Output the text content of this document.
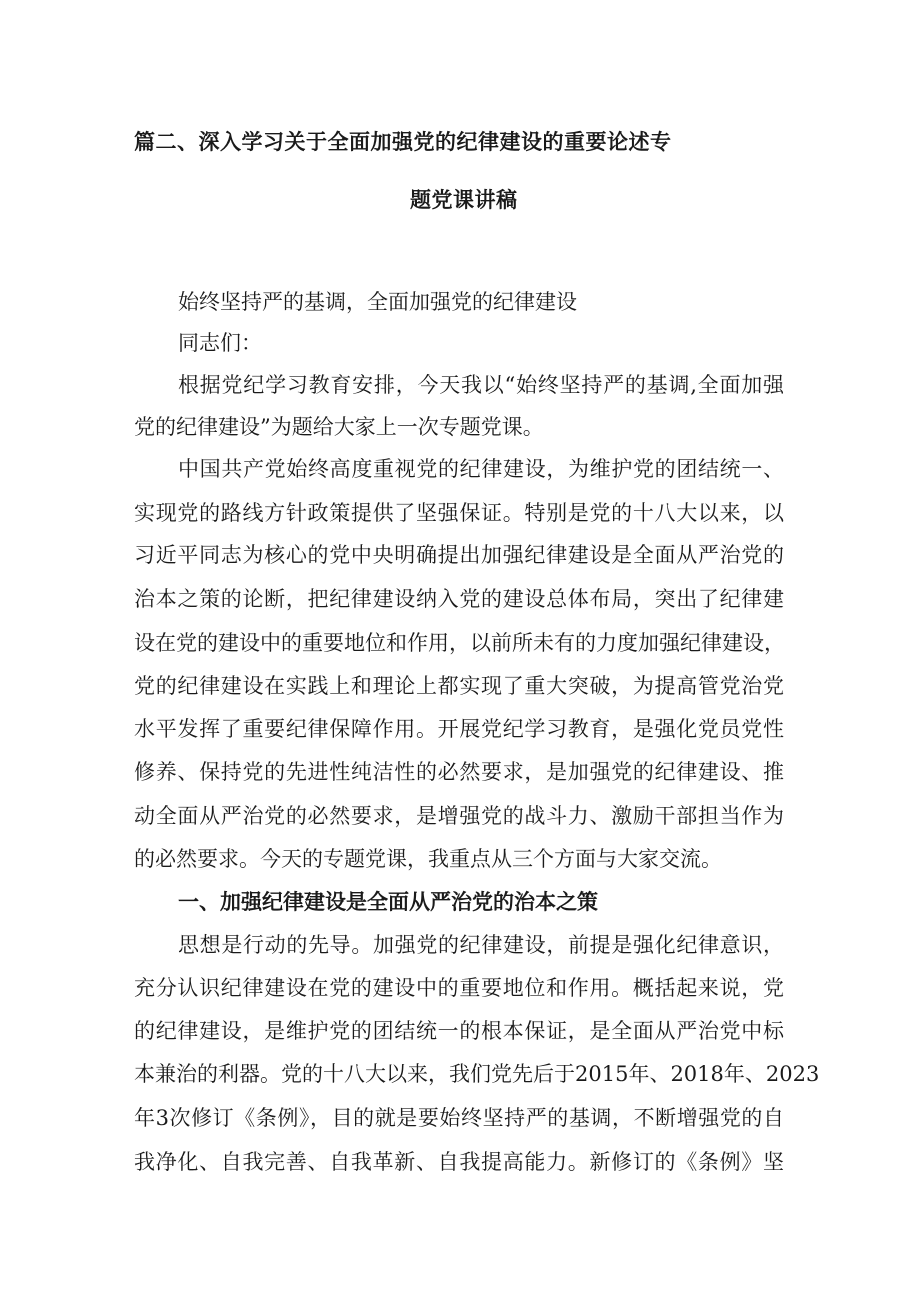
篇二、深入学习关于全面加强党的纪律建设的重要论述专
题党课讲稿
始终坚持严的基调，全面加强党的纪律建设
同志们：
根据党纪学习教育安排，今天我以“始终坚持严的基调,全面加强
党的纪律建设”为题给大家上一次专题党课。
中国共产党始终高度重视党的纪律建设，为维护党的团结统一、
实现党的路线方针政策提供了坚强保证。特别是党的十八大以来，以
习近平同志为核心的党中央明确提出加强纪律建设是全面从严治党的
治本之策的论断，把纪律建设纳入党的建设总体布局，突出了纪律建
设在党的建设中的重要地位和作用，以前所未有的力度加强纪律建设，
党的纪律建设在实践上和理论上都实现了重大突破，为提高管党治党
水平发挥了重要纪律保障作用。开展党纪学习教育，是强化党员党性
修养、保持党的先进性纯洁性的必然要求，是加强党的纪律建设、推
动全面从严治党的必然要求，是增强党的战斗力、激励干部担当作为
的必然要求。今天的专题党课，我重点从三个方面与大家交流。
一、加强纪律建设是全面从严治党的治本之策
思想是行动的先导。加强党的纪律建设，前提是强化纪律意识，
充分认识纪律建设在党的建设中的重要地位和作用。概括起来说，党
的纪律建设，是维护党的团结统一的根本保证，是全面从严治党中标
本兼治的利器。党的十八大以来，我们党先后于2015年、2018年、2023
年3次修订《条例》，目的就是要始终坚持严的基调，不断增强党的自
我净化、自我完善、自我革新、自我提高能力。新修订的《条例》坚
